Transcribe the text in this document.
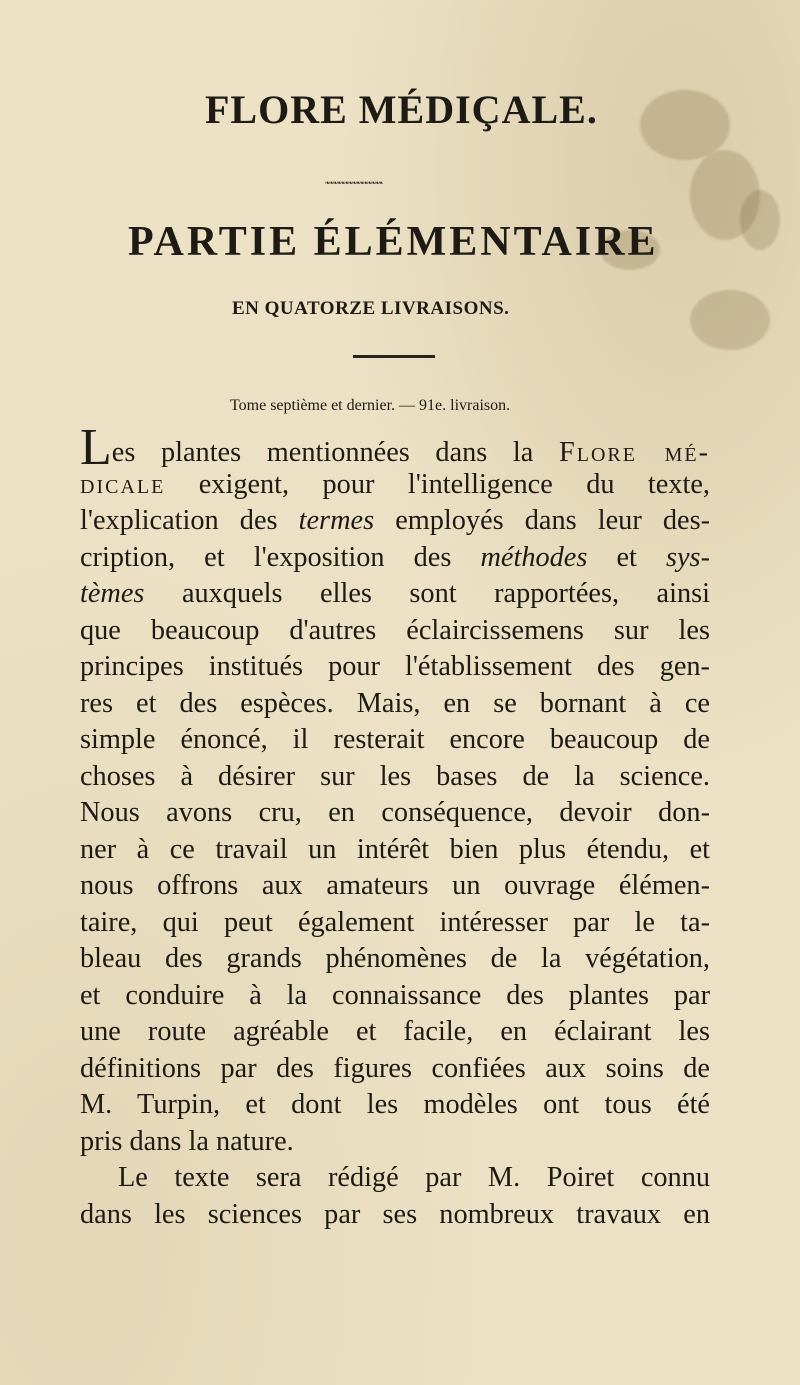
FLORE MÉDIÇALE.
❧❧❧❧❧❧❧❧❧❧❧❧❧❧❧
PARTIE ÉLÉMENTAIRE
EN QUATORZE LIVRAISONS.
Tome septième et dernier. — 91e. livraison.
Les plantes mentionnées dans la Flore mé-
dicale exigent, pour l'intelligence du texte,
l'explication des termes employés dans leur des-
cription, et l'exposition des méthodes et sys-
tèmes auxquels elles sont rapportées, ainsi
que beaucoup d'autres éclaircissemens sur les
principes institués pour l'établissement des gen-
res et des espèces. Mais, en se bornant à ce
simple énoncé, il resterait encore beaucoup de
choses à désirer sur les bases de la science.
Nous avons cru, en conséquence, devoir don-
ner à ce travail un intérêt bien plus étendu, et
nous offrons aux amateurs un ouvrage élémen-
taire, qui peut également intéresser par le ta-
bleau des grands phénomènes de la végétation,
et conduire à la connaissance des plantes par
une route agréable et facile, en éclairant les
définitions par des figures confiées aux soins de
M. Turpin, et dont les modèles ont tous été
pris dans la nature.
Le texte sera rédigé par M. Poiret connu
dans les sciences par ses nombreux travaux en
